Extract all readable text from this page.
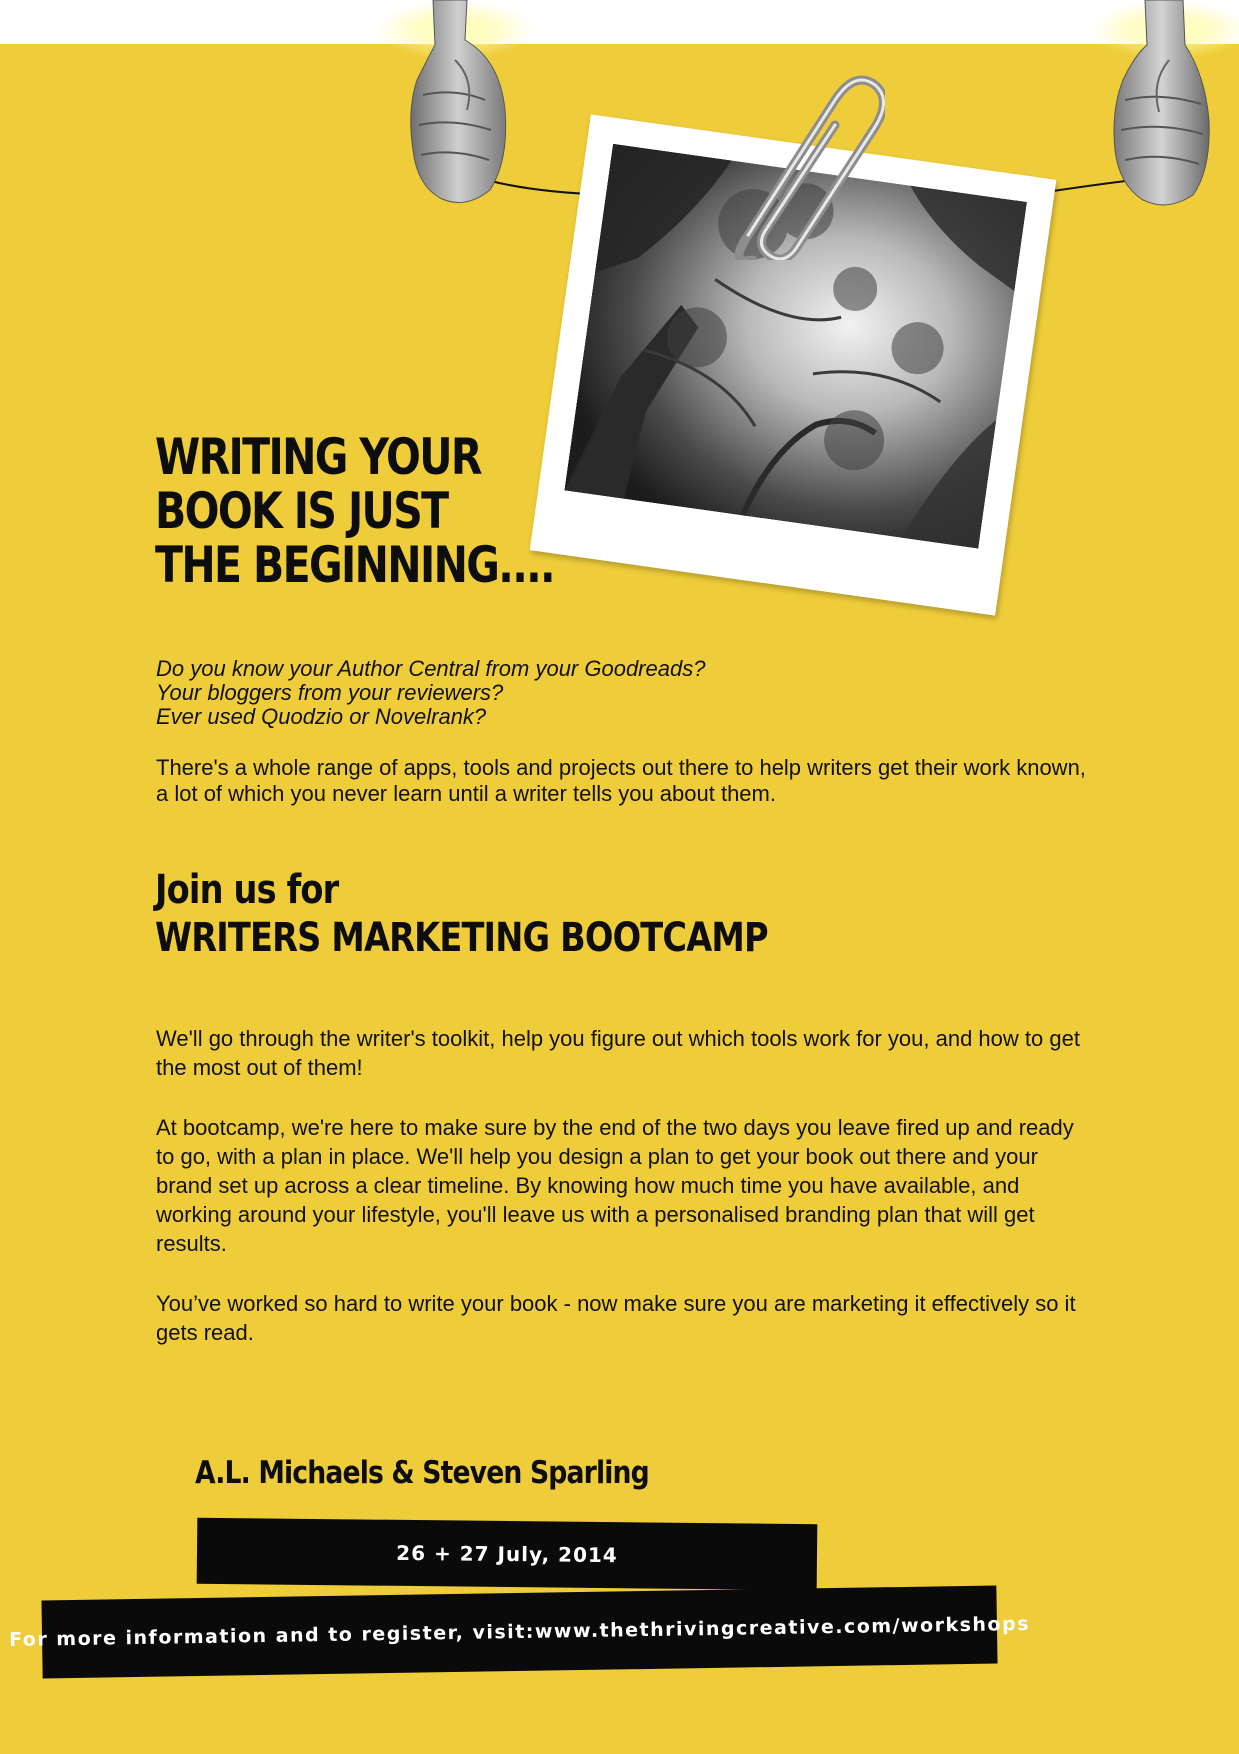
WRITING YOUR
BOOK IS JUST
THE BEGINNING....
Do you know your Author Central from your Goodreads?
Your bloggers from your reviewers?
Ever used Quodzio or Novelrank?

There's a whole range of apps, tools and projects out there to help writers get their work known, a lot of which you never learn until a writer tells you about them.

Join us for
WRITERS MARKETING BOOTCAMP

We'll go through the writer's toolkit, help you figure out which tools work for you, and how to get the most out of them!

At bootcamp, we're here to make sure by the end of the two days you leave fired up and ready to go, with a plan in place. We'll help you design a plan to get your book out there and your brand set up across a clear timeline. By knowing how much time you have available, and working around your lifestyle, you'll leave us with a personalised branding plan that will get results.

You’ve worked so hard to write your book - now make sure you are marketing it effectively so it gets read.

A.L. Michaels & Steven Sparling
26 + 27 July, 2014
For more information and to register, visit:www.thethrivingcreative.com/workshops
